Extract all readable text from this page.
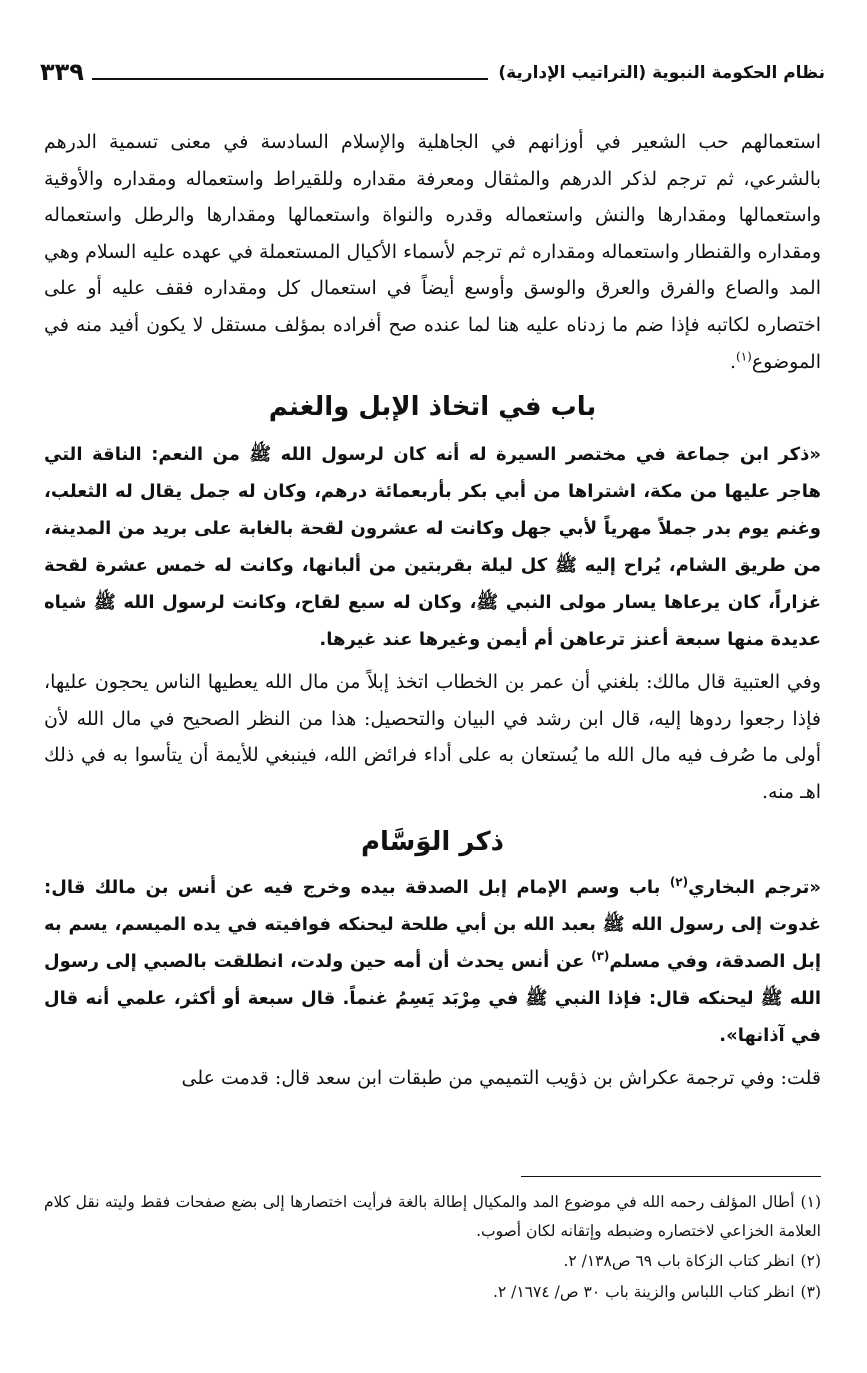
٣٣٩	نظام الحكومة النبوية (التراتيب الإدارية)

استعمالهم حب الشعير في أوزانهم في الجاهلية والإسلام السادسة في معنى تسمية الدرهم بالشرعي، ثم ترجم لذكر الدرهم والمثقال ومعرفة مقداره وللقيراط واستعماله ومقداره والأوقية واستعمالها ومقدارها والنش واستعماله وقدره والنواة واستعمالها ومقدارها والرطل واستعماله ومقداره والقنطار واستعماله ومقداره ثم ترجم لأسماء الأكيال المستعملة في عهده عليه السلام وهي المد والصاع والفرق والعرق والوسق وأوسع أيضاً في استعمال كل ومقداره فقف عليه أو على اختصاره لكاتبه فإذا ضم ما زدناه عليه هنا لما عنده صح أفراده بمؤلف مستقل لا يكون أفيد منه في الموضوع$^{(١)}$.

باب في اتخاذ الإبل والغنم

«ذكر ابن جماعة في مختصر السيرة له أنه كان لرسول الله ﷺ من النعم: الناقة التي هاجر عليها من مكة، اشتراها من أبي بكر بأربعمائة درهم، وكان له جمل يقال له الثعلب، وغنم يوم بدر جملاً مهرياً لأبي جهل وكانت له عشرون لقحة بالغابة على بريد من المدينة، من طريق الشام، يُراح إليه ﷺ كل ليلة بقربتين من ألبانها، وكانت له خمس عشرة لقحة غزاراً، كان يرعاها يسار مولى النبي ﷺ، وكان له سبع لقاح، وكانت لرسول الله ﷺ شياه عديدة منها سبعة أعنز ترعاهن أم أيمن وغيرها عند غيرها.

وفي العتبية قال مالك: بلغني أن عمر بن الخطاب اتخذ إبلاً من مال الله يعطيها الناس يحجون عليها، فإذا رجعوا ردوها إليه، قال ابن رشد في البيان والتحصيل: هذا من النظر الصحيح في مال الله لأن أولى ما صُرف فيه مال الله ما يُستعان به على أداء فرائض الله، فينبغي للأيمة أن يتأسوا به في ذلك اهـ منه.

ذكر الوَسَّام

«ترجم البخاري$^{(٢)}$ باب وسم الإمام إبل الصدقة بيده وخرج فيه عن أنس بن مالك قال: غدوت إلى رسول الله ﷺ بعبد الله بن أبي طلحة ليحنكه فوافيته في يده الميسم، يسم به إبل الصدقة، وفي مسلم$^{(٣)}$ عن أنس يحدث أن أمه حين ولدت، انطلقت بالصبي إلى رسول الله ﷺ ليحنكه قال: فإذا النبي ﷺ في مِرْبَد يَسِمُ غنماً. قال سبعة أو أكثر، علمي أنه قال في آذانها».

قلت: وفي ترجمة عكراش بن ذؤيب التميمي من طبقات ابن سعد قال: قدمت على

(١)أطال المؤلف رحمه الله في موضوع المد والمكيال إطالة بالغة فرأيت اختصارها إلى بضع صفحات فقط وليته نقل كلام العلامة الخزاعي لاختصاره وضبطه وإتقانه لكان أصوب.

(٢)انظر كتاب الزكاة باب ٦٩ ص١٣٨/ ٢.

(٣)انظر كتاب اللباس والزينة باب ٣٠ ص/ ١٦٧٤/ ٢.
